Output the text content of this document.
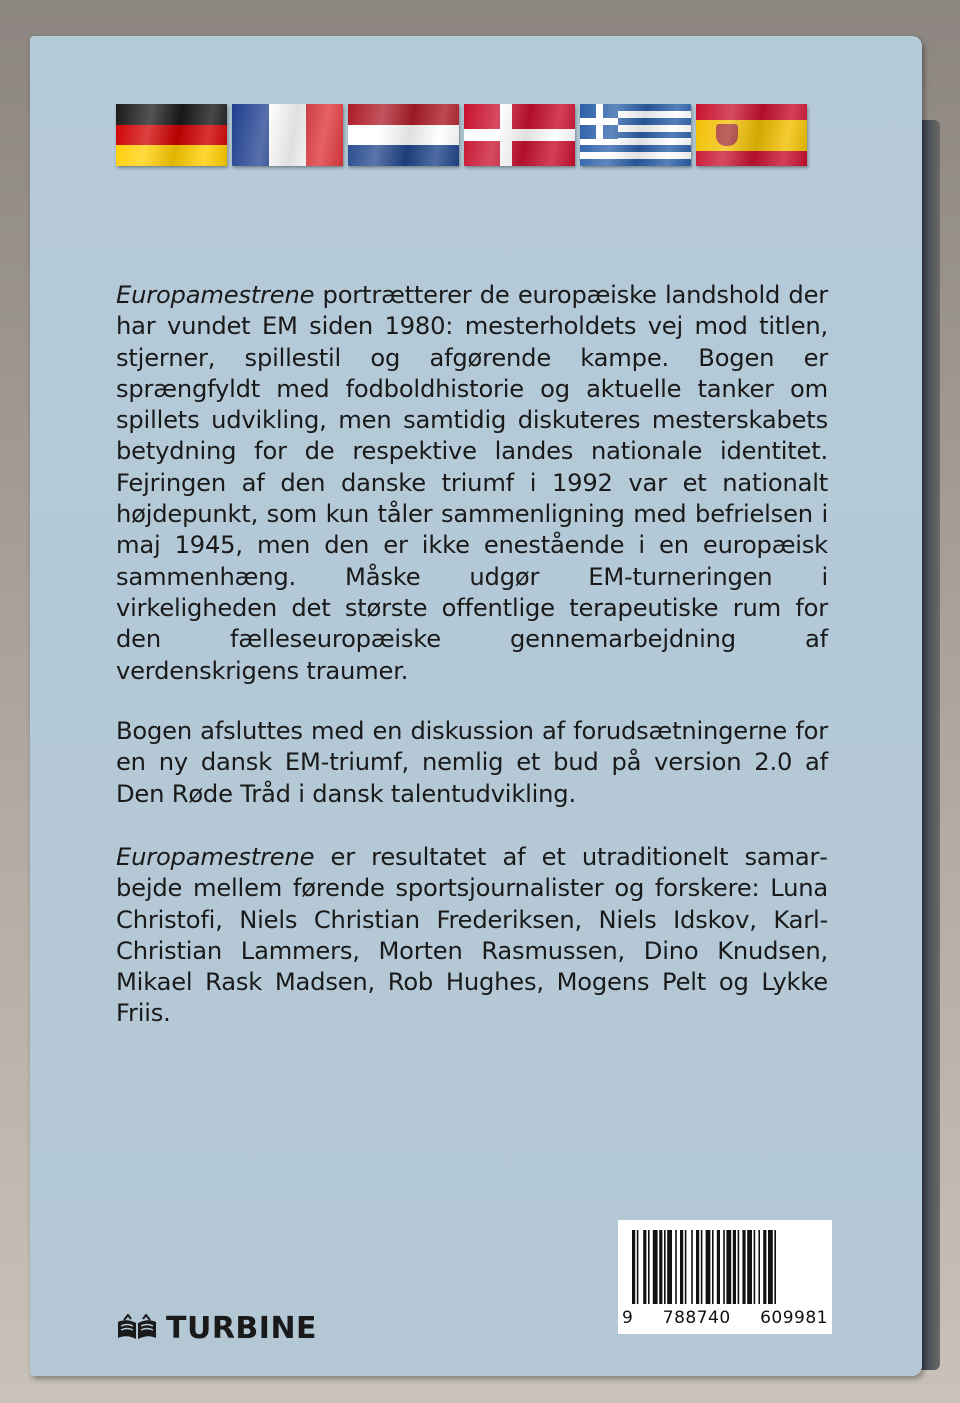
Europamestrene portrætterer de europæiske landshold der har vundet EM siden 1980: mesterholdets vej mod titlen, stjerner, spillestil og afgørende kampe. Bogen er sprængfyldt med fodboldhistorie og aktuelle tanker om spillets udvikling, men samtidig diskuteres mesterskabets betydning for de respektive landes nationale identitet. Fejringen af den danske triumf i 1992 var et nationalt højdepunkt, som kun tåler sammenligning med befrielsen i maj 1945, men den er ikke enestående i en europæisk sammenhæng. Måske udgør EM-turneringen i virkeligheden det største offentlige terapeutiske rum for den fælleseuropæiske gennemarbejdning af verdenskrigens traumer.
Bogen afsluttes med en diskussion af forudsætningerne for en ny dansk EM-triumf, nemlig et bud på version 2.0 af Den Røde Tråd i dansk talentudvikling.
Europamestrene er resultatet af et utraditionelt samarbejde mellem førende sportsjournalister og forskere: Luna Christofi, Niels Christian Frederiksen, Niels Idskov, Karl-Christian Lammers, Morten Rasmussen, Dino Knudsen, Mikael Rask Madsen, Rob Hughes, Mogens Pelt og Lykke Friis.
TURBINE	9 788740 609981
